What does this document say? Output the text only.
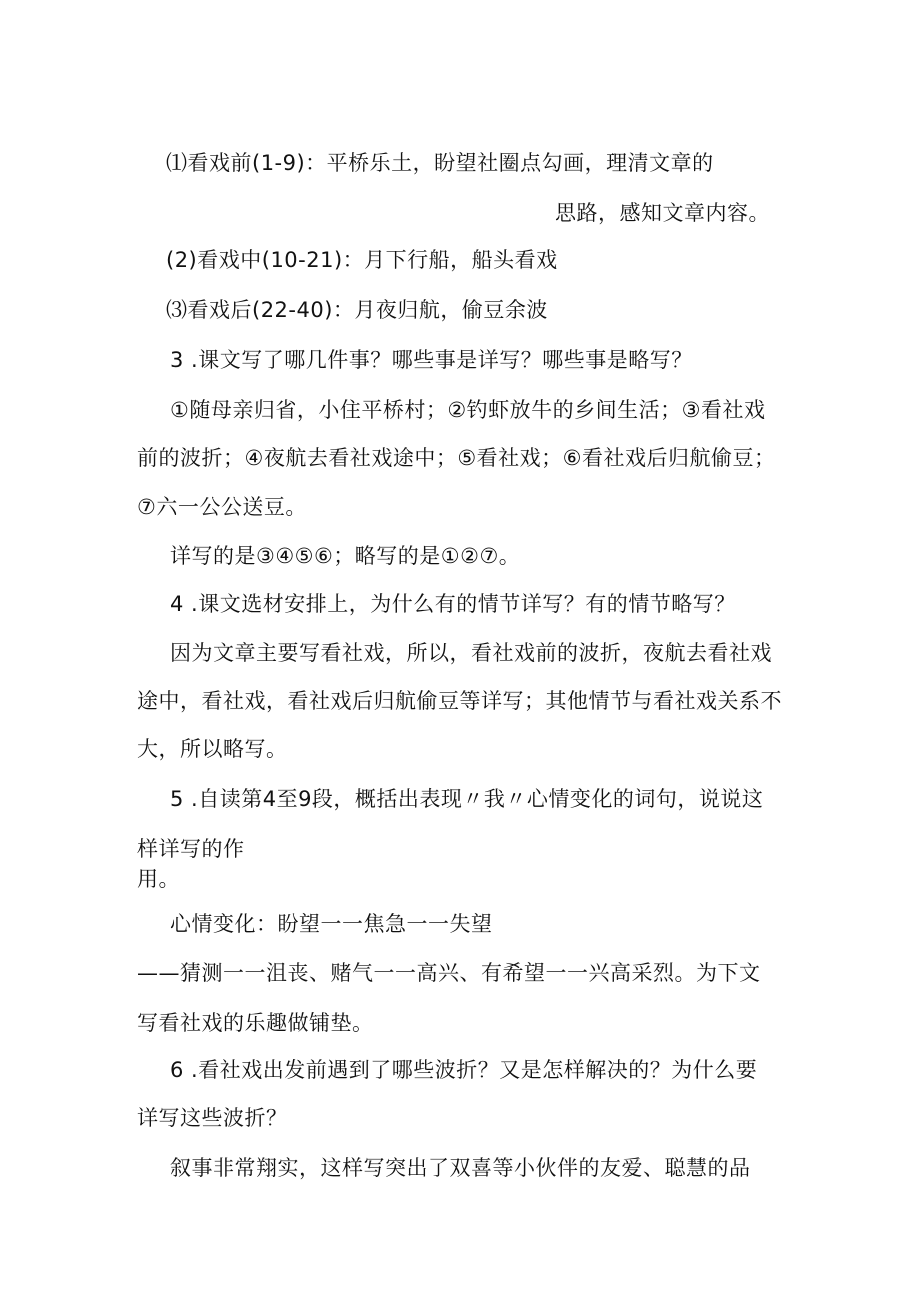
⑴看戏前(1-9)：平桥乐土，盼望社圈点勾画，理清文章的

思路，感知文章内容。

(2)看戏中(10-21)：月下行船，船头看戏

⑶看戏后(22-40)：月夜归航，偷豆余波

3 .课文写了哪几件事？哪些事是详写？哪些事是略写？

①随母亲归省，小住平桥村；②钓虾放牛的乡间生活；③看社戏

前的波折；④夜航去看社戏途中；⑤看社戏；⑥看社戏后归航偷豆；

⑦六一公公送豆。

详写的是③④⑤⑥；略写的是①②⑦。

4 .课文选材安排上，为什么有的情节详写？有的情节略写？

因为文章主要写看社戏，所以，看社戏前的波折，夜航去看社戏

途中，看社戏，看社戏后归航偷豆等详写；其他情节与看社戏关系不

大，所以略写。

5 .自读第4至9段，概括出表现〃我〃心情变化的词句，说说这

样详写的作

用。

心情变化：盼望一一焦急一一失望

——猜测一一沮丧、赌气一一高兴、有希望一一兴高采烈。为下文

写看社戏的乐趣做铺垫。

6 .看社戏出发前遇到了哪些波折？又是怎样解决的？为什么要

详写这些波折？

叙事非常翔实，这样写突出了双喜等小伙伴的友爱、聪慧的品
